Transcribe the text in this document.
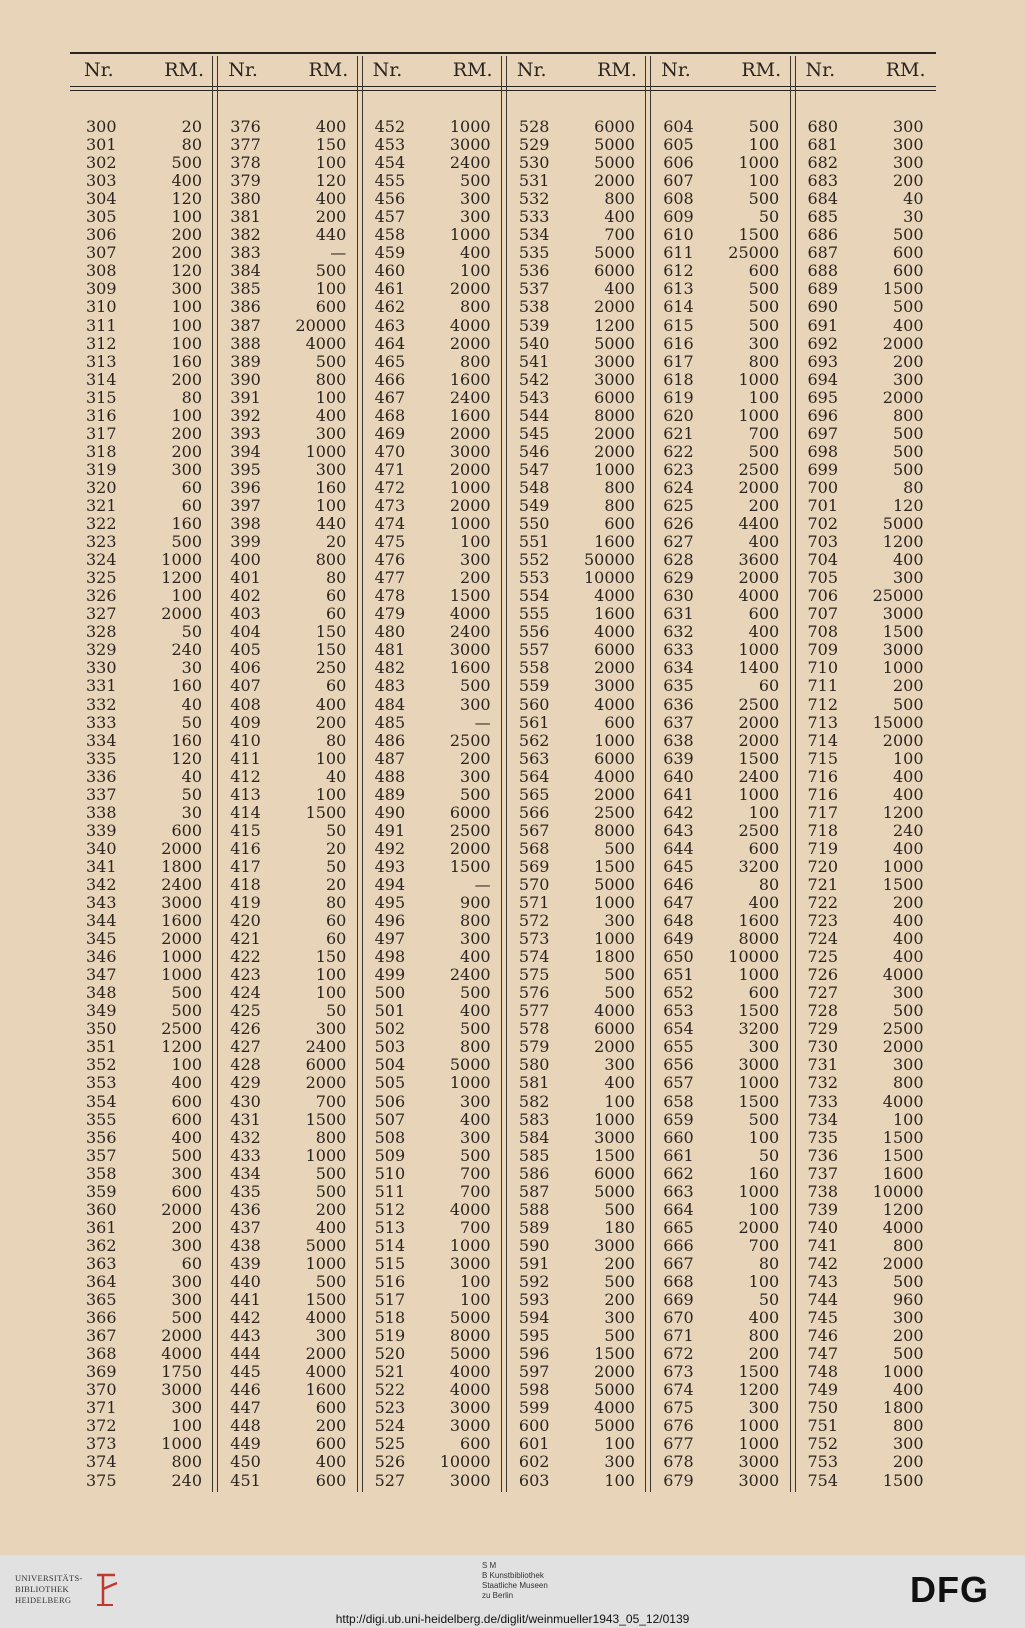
Nr.	RM.
300	20
301	80
302	500
303	400
304	120
305	100
306	200
307	200
308	120
309	300
310	100
311	100
312	100
313	160
314	200
315	80
316	100
317	200
318	200
319	300
320	60
321	60
322	160
323	500
324	1000
325	1200
326	100
327	2000
328	50
329	240
330	30
331	160
332	40
333	50
334	160
335	120
336	40
337	50
338	30
339	600
340	2000
341	1800
342	2400
343	3000
344	1600
345	2000
346	1000
347	1000
348	500
349	500
350	2500
351	1200
352	100
353	400
354	600
355	600
356	400
357	500
358	300
359	600
360	2000
361	200
362	300
363	60
364	300
365	300
366	500
367	2000
368	4000
369	1750
370	3000
371	300
372	100
373	1000
374	800
375	240
Nr.	RM.
376	400
377	150
378	100
379	120
380	400
381	200
382	440
383	—
384	500
385	100
386	600
387	20000
388	4000
389	500
390	800
391	100
392	400
393	300
394	1000
395	300
396	160
397	100
398	440
399	20
400	800
401	80
402	60
403	60
404	150
405	150
406	250
407	60
408	400
409	200
410	80
411	100
412	40
413	100
414	1500
415	50
416	20
417	50
418	20
419	80
420	60
421	60
422	150
423	100
424	100
425	50
426	300
427	2400
428	6000
429	2000
430	700
431	1500
432	800
433	1000
434	500
435	500
436	200
437	400
438	5000
439	1000
440	500
441	1500
442	4000
443	300
444	2000
445	4000
446	1600
447	600
448	200
449	600
450	400
451	600
Nr.	RM.
452	1000
453	3000
454	2400
455	500
456	300
457	300
458	1000
459	400
460	100
461	2000
462	800
463	4000
464	2000
465	800
466	1600
467	2400
468	1600
469	2000
470	3000
471	2000
472	1000
473	2000
474	1000
475	100
476	300
477	200
478	1500
479	4000
480	2400
481	3000
482	1600
483	500
484	300
485	—
486	2500
487	200
488	300
489	500
490	6000
491	2500
492	2000
493	1500
494	—
495	900
496	800
497	300
498	400
499	2400
500	500
501	400
502	500
503	800
504	5000
505	1000
506	300
507	400
508	300
509	500
510	700
511	700
512	4000
513	700
514	1000
515	3000
516	100
517	100
518	5000
519	8000
520	5000
521	4000
522	4000
523	3000
524	3000
525	600
526	10000
527	3000
Nr.	RM.
528	6000
529	5000
530	5000
531	2000
532	800
533	400
534	700
535	5000
536	6000
537	400
538	2000
539	1200
540	5000
541	3000
542	3000
543	6000
544	8000
545	2000
546	2000
547	1000
548	800
549	800
550	600
551	1600
552	50000
553	10000
554	4000
555	1600
556	4000
557	6000
558	2000
559	3000
560	4000
561	600
562	1000
563	6000
564	4000
565	2000
566	2500
567	8000
568	500
569	1500
570	5000
571	1000
572	300
573	1000
574	1800
575	500
576	500
577	4000
578	6000
579	2000
580	300
581	400
582	100
583	1000
584	3000
585	1500
586	6000
587	5000
588	500
589	180
590	3000
591	200
592	500
593	200
594	300
595	500
596	1500
597	2000
598	5000
599	4000
600	5000
601	100
602	300
603	100
Nr.	RM.
604	500
605	100
606	1000
607	100
608	500
609	50
610	1500
611	25000
612	600
613	500
614	500
615	500
616	300
617	800
618	1000
619	100
620	1000
621	700
622	500
623	2500
624	2000
625	200
626	4400
627	400
628	3600
629	2000
630	4000
631	600
632	400
633	1000
634	1400
635	60
636	2500
637	2000
638	2000
639	1500
640	2400
641	1000
642	100
643	2500
644	600
645	3200
646	80
647	400
648	1600
649	8000
650	10000
651	1000
652	600
653	1500
654	3200
655	300
656	3000
657	1000
658	1500
659	500
660	100
661	50
662	160
663	1000
664	100
665	2000
666	700
667	80
668	100
669	50
670	400
671	800
672	200
673	1500
674	1200
675	300
676	1000
677	1000
678	3000
679	3000
Nr.	RM.
680	300
681	300
682	300
683	200
684	40
685	30
686	500
687	600
688	600
689	1500
690	500
691	400
692	2000
693	200
694	300
695	2000
696	800
697	500
698	500
699	500
700	80
701	120
702	5000
703	1200
704	400
705	300
706	25000
707	3000
708	1500
709	3000
710	1000
711	200
712	500
713	15000
714	2000
715	100
716	400
716	400
717	1200
718	240
719	400
720	1000
721	1500
722	200
723	400
724	400
725	400
726	4000
727	300
728	500
729	2500
730	2000
731	300
732	800
733	4000
734	100
735	1500
736	1500
737	1600
738	10000
739	1200
740	4000
741	800
742	2000
743	500
744	960
745	300
746	200
747	500
748	1000
749	400
750	1800
751	800
752	300
753	200
754	1500
UNIVERSITÄTS-
BIBLIOTHEK
HEIDELBERG
S M
B Kunstbibliothek
Staatliche Museen
zu Berlin	DFG
http://digi.ub.uni-heidelberg.de/diglit/weinmueller1943_05_12/0139
